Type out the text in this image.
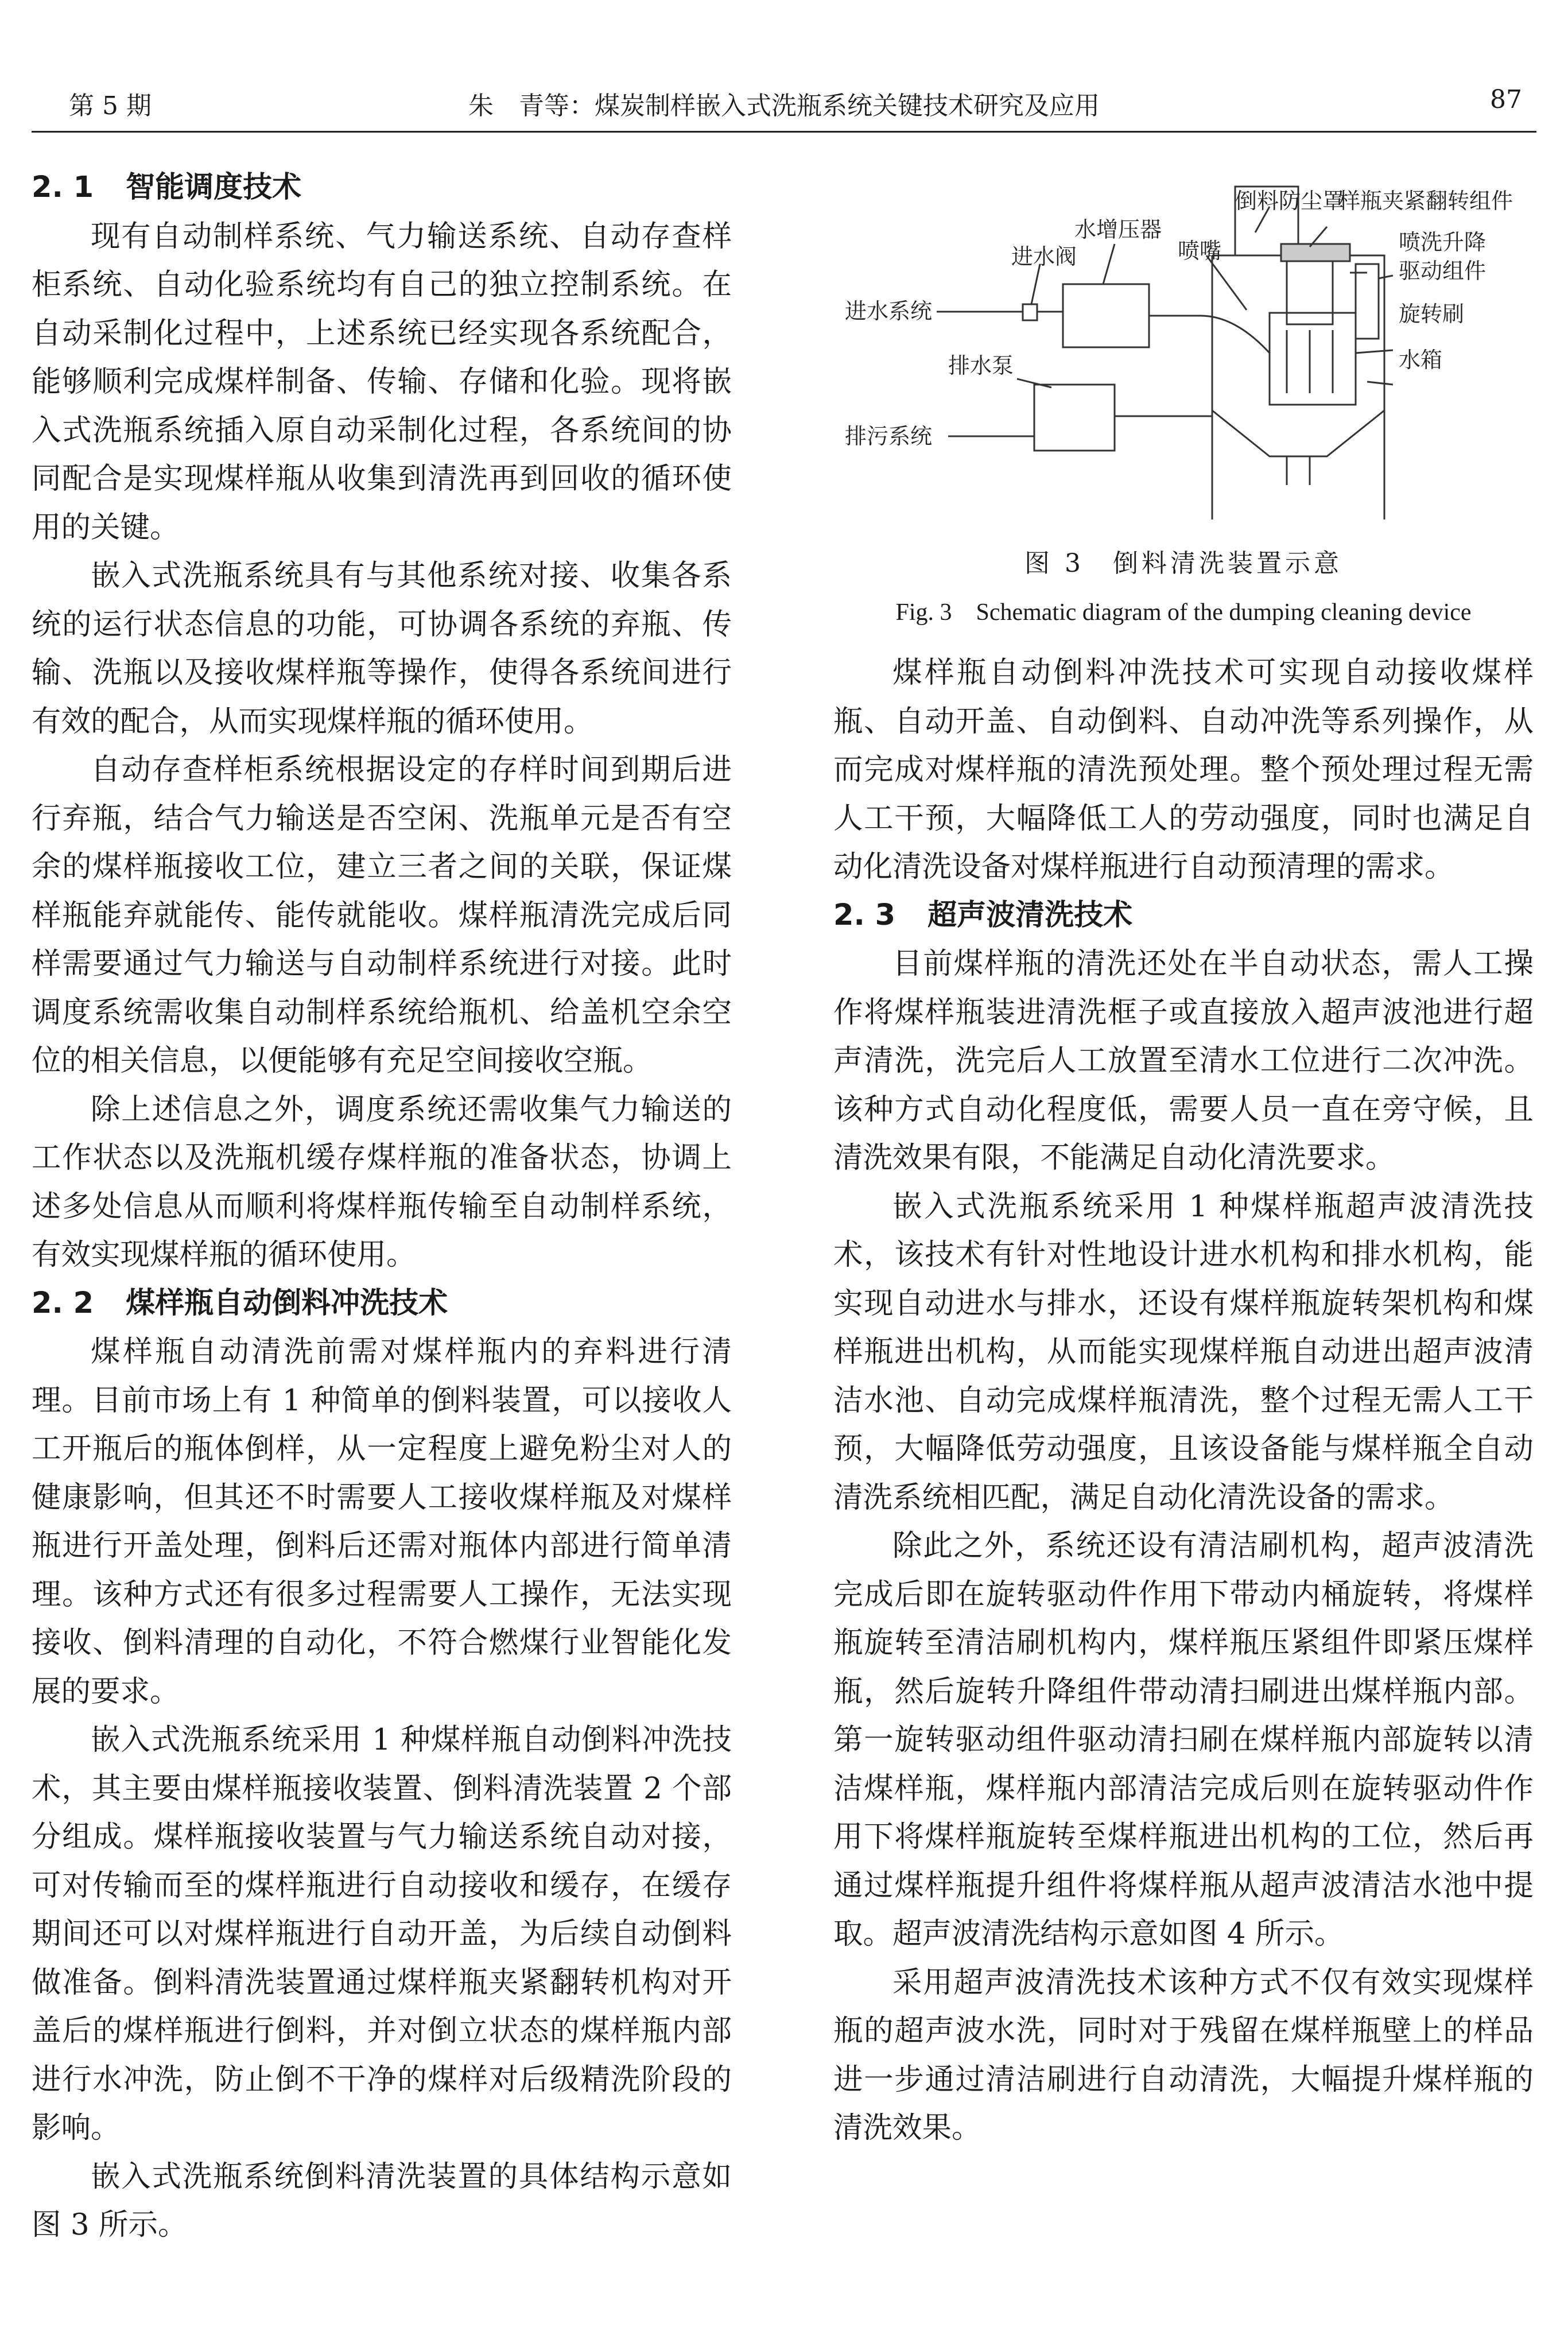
第 5 期	朱　青等：煤炭制样嵌入式洗瓶系统关键技术研究及应用	87
2. 1 智能调度技术

现有自动制样系统、气力输送系统、自动存查样柜系统、自动化验系统均有自己的独立控制系统。在自动采制化过程中，上述系统已经实现各系统配合，能够顺利完成煤样制备、传输、存储和化验。现将嵌入式洗瓶系统插入原自动采制化过程，各系统间的协同配合是实现煤样瓶从收集到清洗再到回收的循环使用的关键。

嵌入式洗瓶系统具有与其他系统对接、收集各系统的运行状态信息的功能，可协调各系统的弃瓶、传输、洗瓶以及接收煤样瓶等操作，使得各系统间进行有效的配合，从而实现煤样瓶的循环使用。

自动存查样柜系统根据设定的存样时间到期后进行弃瓶，结合气力输送是否空闲、洗瓶单元是否有空余的煤样瓶接收工位，建立三者之间的关联，保证煤样瓶能弃就能传、能传就能收。煤样瓶清洗完成后同样需要通过气力输送与自动制样系统进行对接。此时调度系统需收集自动制样系统给瓶机、给盖机空余空位的相关信息，以便能够有充足空间接收空瓶。

除上述信息之外，调度系统还需收集气力输送的工作状态以及洗瓶机缓存煤样瓶的准备状态，协调上述多处信息从而顺利将煤样瓶传输至自动制样系统，有效实现煤样瓶的循环使用。

2. 2 煤样瓶自动倒料冲洗技术

煤样瓶自动清洗前需对煤样瓶内的弃料进行清理。目前市场上有 1 种简单的倒料装置，可以接收人工开瓶后的瓶体倒样，从一定程度上避免粉尘对人的健康影响，但其还不时需要人工接收煤样瓶及对煤样瓶进行开盖处理，倒料后还需对瓶体内部进行简单清理。该种方式还有很多过程需要人工操作，无法实现接收、倒料清理的自动化，不符合燃煤行业智能化发展的要求。

嵌入式洗瓶系统采用 1 种煤样瓶自动倒料冲洗技术，其主要由煤样瓶接收装置、倒料清洗装置 2 个部分组成。煤样瓶接收装置与气力输送系统自动对接，可对传输而至的煤样瓶进行自动接收和缓存，在缓存期间还可以对煤样瓶进行自动开盖，为后续自动倒料做准备。倒料清洗装置通过煤样瓶夹紧翻转机构对开盖后的煤样瓶进行倒料，并对倒立状态的煤样瓶内部进行水冲洗，防止倒不干净的煤样对后级精洗阶段的影响。

嵌入式洗瓶系统倒料清洗装置的具体结构示意如图 3 所示。

倒料防尘罩
样瓶夹紧翻转组件
水增压器
进水阀	喷嘴	喷洗升降
驱动组件
进水系统	旋转刷
排水泵	水箱
排污系统
图 3　倒料清洗装置示意
Fig. 3　Schematic diagram of the dumping cleaning device

煤样瓶自动倒料冲洗技术可实现自动接收煤样瓶、自动开盖、自动倒料、自动冲洗等系列操作，从而完成对煤样瓶的清洗预处理。整个预处理过程无需人工干预，大幅降低工人的劳动强度，同时也满足自动化清洗设备对煤样瓶进行自动预清理的需求。

2. 3 超声波清洗技术

目前煤样瓶的清洗还处在半自动状态，需人工操作将煤样瓶装进清洗框子或直接放入超声波池进行超声清洗，洗完后人工放置至清水工位进行二次冲洗。该种方式自动化程度低，需要人员一直在旁守候，且清洗效果有限，不能满足自动化清洗要求。

嵌入式洗瓶系统采用 1 种煤样瓶超声波清洗技术，该技术有针对性地设计进水机构和排水机构，能实现自动进水与排水，还设有煤样瓶旋转架机构和煤样瓶进出机构，从而能实现煤样瓶自动进出超声波清洁水池、自动完成煤样瓶清洗，整个过程无需人工干预，大幅降低劳动强度，且该设备能与煤样瓶全自动清洗系统相匹配，满足自动化清洗设备的需求。

除此之外，系统还设有清洁刷机构，超声波清洗完成后即在旋转驱动件作用下带动内桶旋转，将煤样瓶旋转至清洁刷机构内，煤样瓶压紧组件即紧压煤样瓶，然后旋转升降组件带动清扫刷进出煤样瓶内部。第一旋转驱动组件驱动清扫刷在煤样瓶内部旋转以清洁煤样瓶，煤样瓶内部清洁完成后则在旋转驱动件作用下将煤样瓶旋转至煤样瓶进出机构的工位，然后再通过煤样瓶提升组件将煤样瓶从超声波清洁水池中提取。超声波清洗结构示意如图 4 所示。

采用超声波清洗技术该种方式不仅有效实现煤样瓶的超声波水洗，同时对于残留在煤样瓶壁上的样品进一步通过清洁刷进行自动清洗，大幅提升煤样瓶的清洗效果。
